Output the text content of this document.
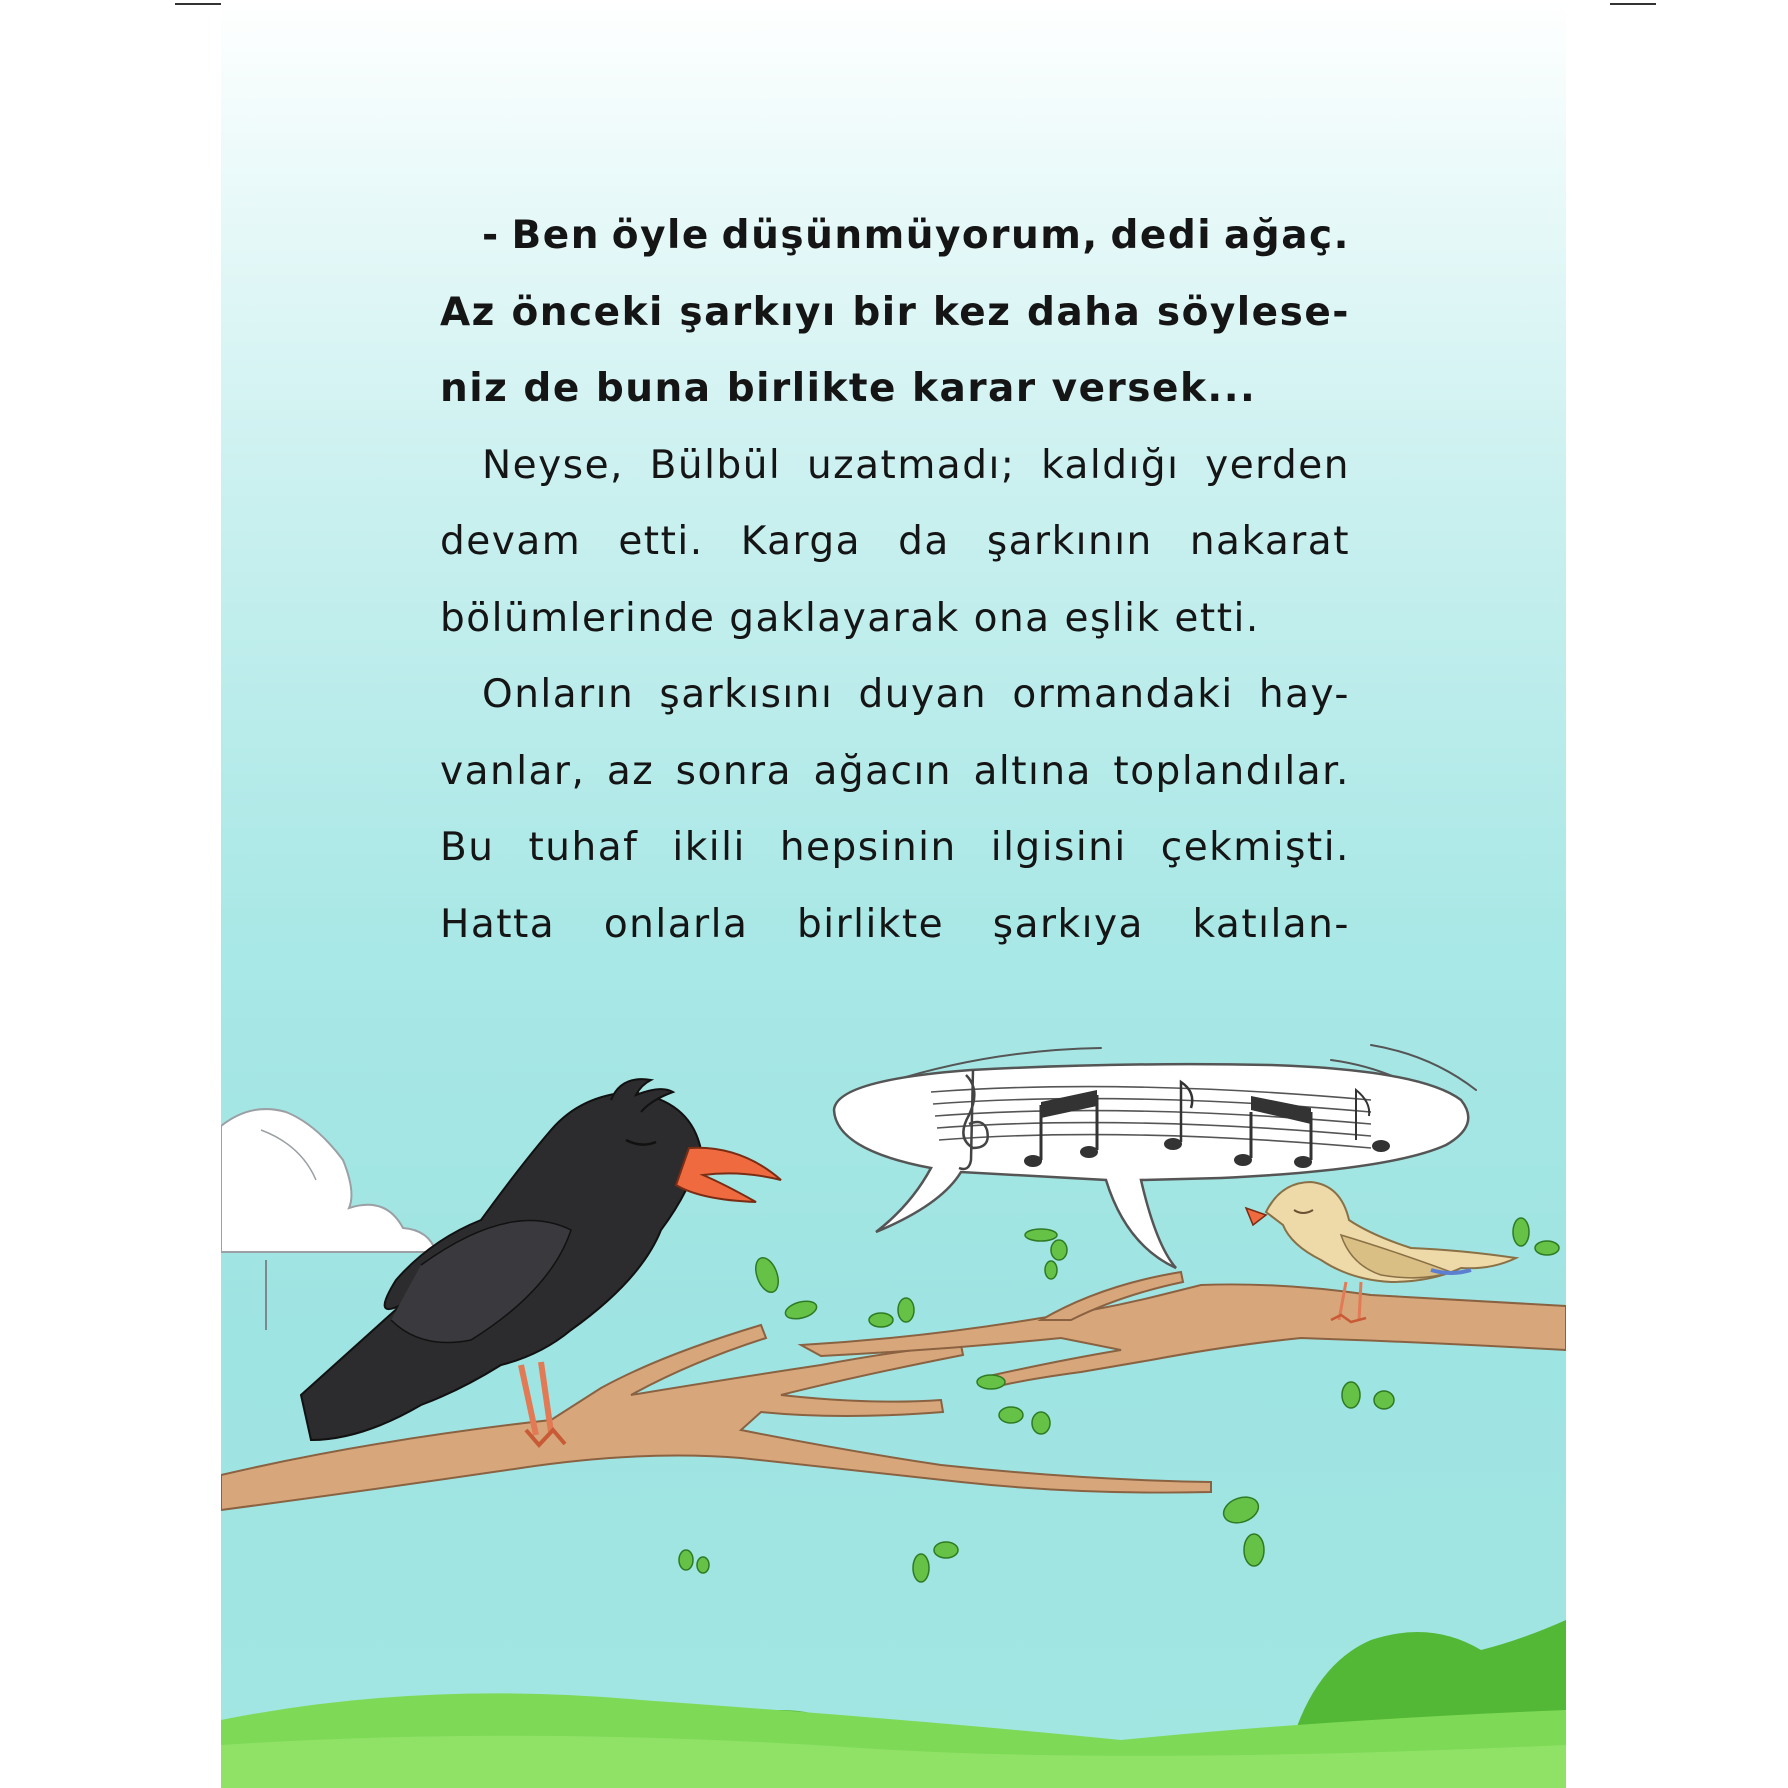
- Ben öyle düşünmüyorum, dedi ağaç.
Az önceki şarkıyı bir kez daha söylese-
niz de buna birlikte karar versek...
Neyse, Bülbül uzatmadı; kaldığı yerden
devam etti. Karga da şarkının nakarat
bölümlerinde gaklayarak ona eşlik etti.
Onların şarkısını duyan ormandaki hay-
vanlar, az sonra ağacın altına toplandılar.
Bu tuhaf ikili hepsinin ilgisini çekmişti.
Hatta onlarla birlikte şarkıya katılan-
